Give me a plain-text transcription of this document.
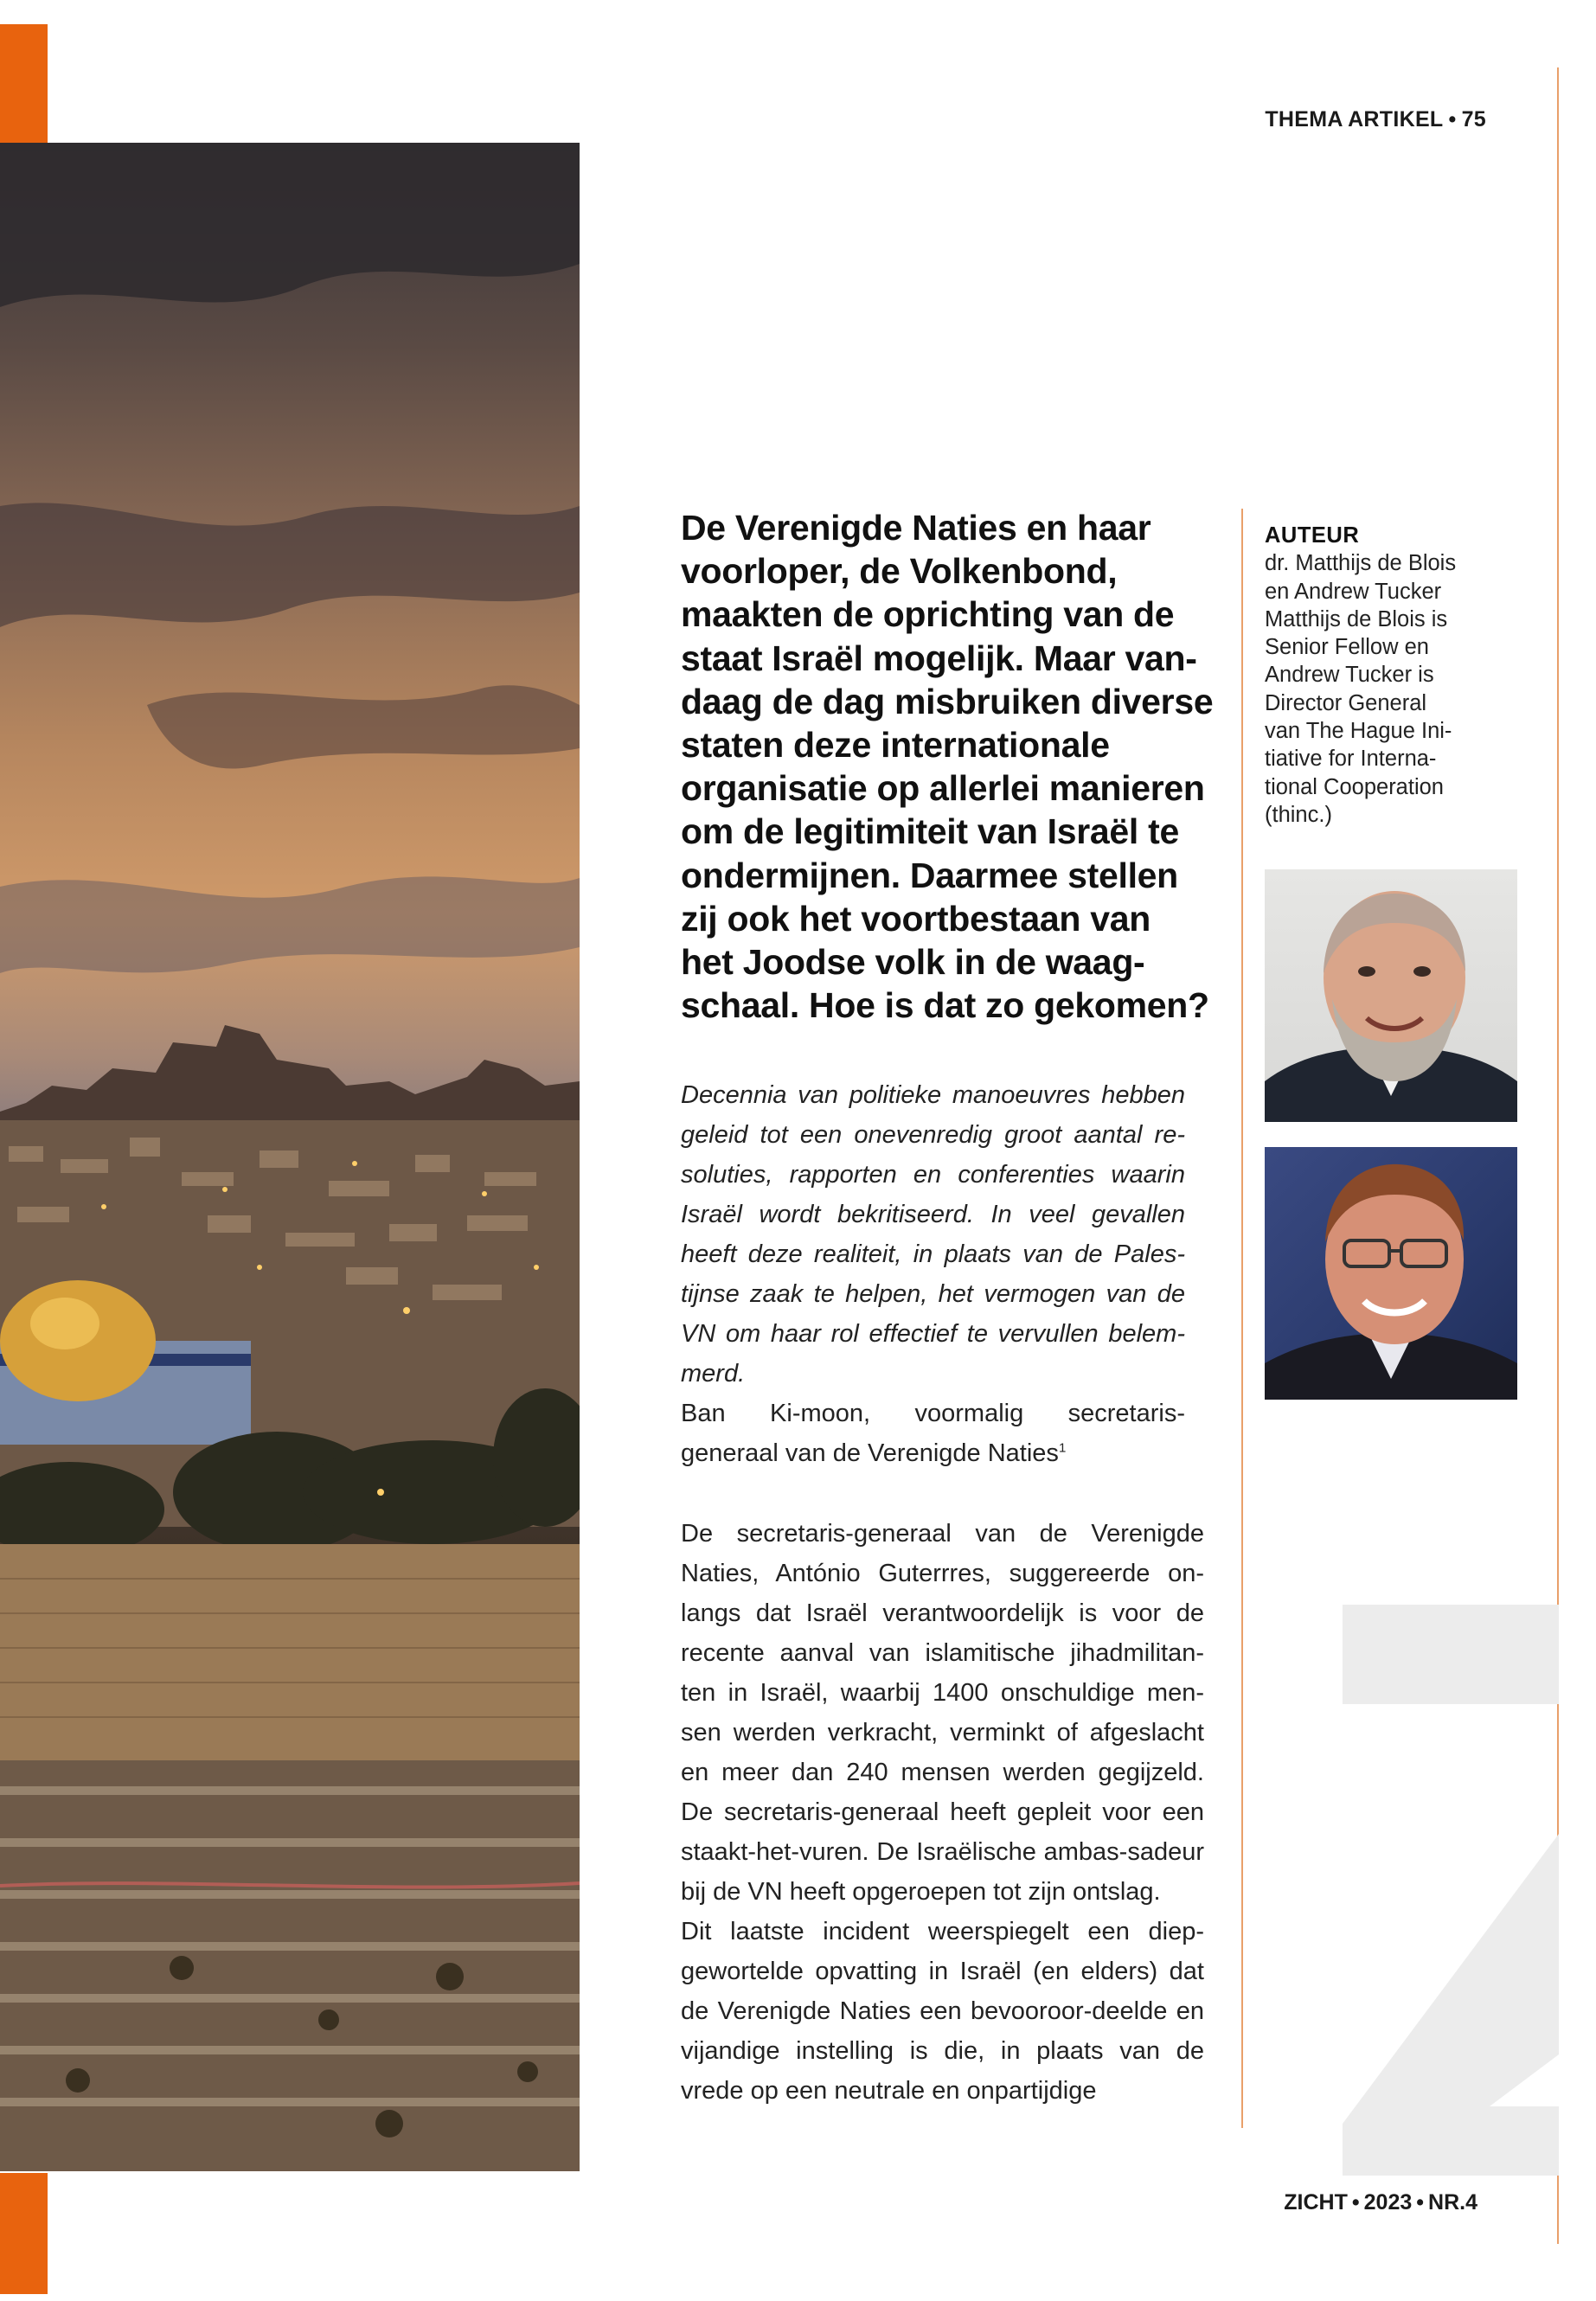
THEMA ARTIKEL • 75
De Verenigde Naties en haar
voorloper, de Volkenbond,
maakten de oprichting van de
staat Israël mogelijk. Maar van-
daag de dag misbruiken diverse
staten deze internationale
organisatie op allerlei manieren
om de legitimiteit van Israël te
ondermijnen. Daarmee stellen
zij ook het voortbestaan van
het Joodse volk in de waag-
schaal. Hoe is dat zo gekomen?
Decennia van politieke manoeuvres hebben geleid tot een onevenredig groot aantal re-soluties, rapporten en conferenties waarin Israël wordt bekritiseerd. In veel gevallen heeft deze realiteit, in plaats van de Pales-tijnse zaak te helpen, het vermogen van de VN om haar rol effectief te vervullen belem-merd.
Ban Ki-moon, voormalig secretaris-
generaal van de Verenigde Naties$^1$

De secretaris-generaal van de Verenigde Naties, António Guterrres, suggereerde on-langs dat Israël verantwoordelijk is voor de recente aanval van islamitische jihadmilitan-ten in Israël, waarbij 1400 onschuldige men-sen werden verkracht, verminkt of afgeslacht en meer dan 240 mensen werden gegijzeld. De secretaris-generaal heeft gepleit voor een staakt-het-vuren. De Israëlische ambas-sadeur bij de VN heeft opgeroepen tot zijn ontslag.

Dit laatste incident weerspiegelt een diep-gewortelde opvatting in Israël (en elders) dat de Verenigde Naties een bevooroor-deelde en vijandige instelling is die, in plaats van de vrede op een neutrale en onpartijdige

AUTEUR
dr. Matthijs de Blois
en Andrew Tucker
Matthijs de Blois is
Senior Fellow en
Andrew Tucker is
Director General
van The Hague Ini-
tiative for Interna-
tional Cooperation
(thinc.)
ZICHT • 2023 • NR.4
